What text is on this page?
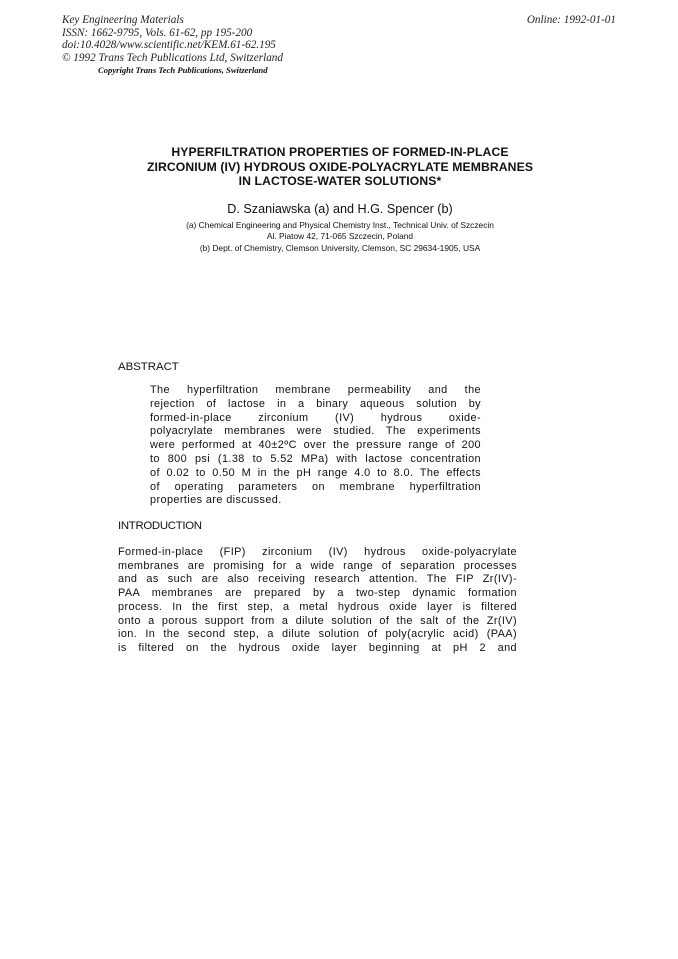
Key Engineering Materials
ISSN: 1662-9795, Vols. 61-62, pp 195-200
doi:10.4028/www.scientific.net/KEM.61-62.195
© 1992 Trans Tech Publications Ltd, Switzerland
Online: 1992-01-01
Copyright Trans Tech Publications, Switzerland
HYPERFILTRATION PROPERTIES OF FORMED-IN-PLACE
ZIRCONIUM (IV) HYDROUS OXIDE-POLYACRYLATE MEMBRANES
IN LACTOSE-WATER SOLUTIONS*
D. Szaniawska (a) and H.G. Spencer (b)
(a) Chemical Engineering and Physical Chemistry Inst., Technical Univ. of Szczecin
Al. Piatow 42, 71-065 Szczecin, Poland
(b) Dept. of Chemistry, Clemson University, Clemson, SC 29634-1905, USA
ABSTRACT
The hyperfiltration membrane permeability and the
rejection of lactose in a binary aqueous solution by
formed-in-place zirconium (IV) hydrous oxide-
polyacrylate membranes were studied. The experiments
were performed at 40±2ºC over the pressure range of 200
to 800 psi (1.38 to 5.52 MPa) with lactose concentration
of 0.02 to 0.50 M in the pH range 4.0 to 8.0. The effects
of operating parameters on membrane hyperfiltration
properties are discussed.
INTRODUCTION
Formed-in-place (FIP) zirconium (IV) hydrous oxide-polyacrylate
membranes are promising for a wide range of separation processes
and as such are also receiving research attention. The FIP Zr(IV)-
PAA membranes are prepared by a two-step dynamic formation
process. In the first step, a metal hydrous oxide layer is filtered
onto a porous support from a dilute solution of the salt of the Zr(IV)
ion. In the second step, a dilute solution of poly(acrylic acid) (PAA)
is filtered on the hydrous oxide layer beginning at pH 2 and
